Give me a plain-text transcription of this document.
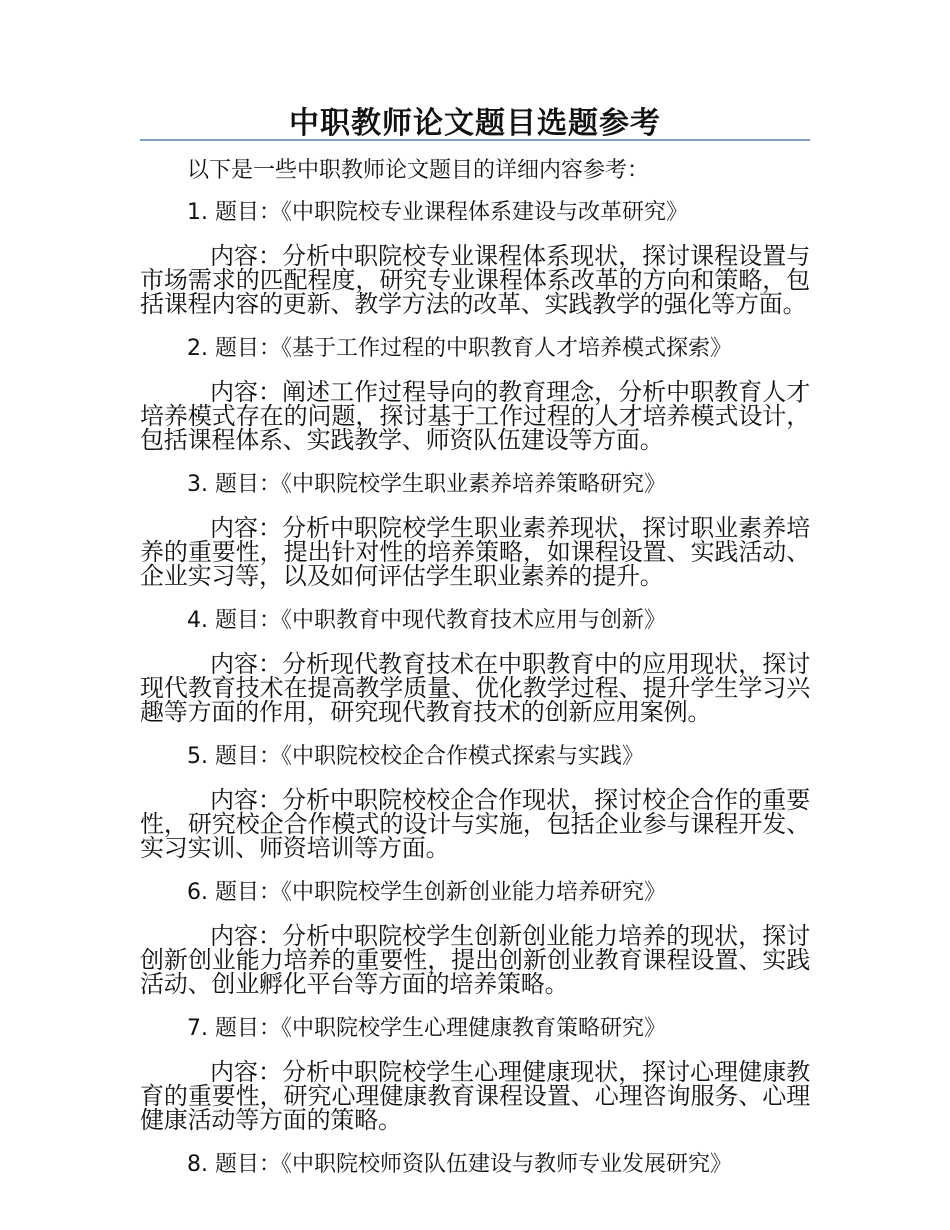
中职教师论文题目选题参考

以下是一些中职教师论文题目的详细内容参考：

1. 题目：《中职院校专业课程体系建设与改革研究》

内容：分析中职院校专业课程体系现状，探讨课程设置与市场需求的匹配程度，研究专业课程体系改革的方向和策略，包括课程内容的更新、教学方法的改革、实践教学的强化等方面。

2. 题目：《基于工作过程的中职教育人才培养模式探索》

内容：阐述工作过程导向的教育理念，分析中职教育人才培养模式存在的问题，探讨基于工作过程的人才培养模式设计，包括课程体系、实践教学、师资队伍建设等方面。

3. 题目：《中职院校学生职业素养培养策略研究》

内容：分析中职院校学生职业素养现状，探讨职业素养培养的重要性，提出针对性的培养策略，如课程设置、实践活动、企业实习等，以及如何评估学生职业素养的提升。

4. 题目：《中职教育中现代教育技术应用与创新》

内容：分析现代教育技术在中职教育中的应用现状，探讨现代教育技术在提高教学质量、优化教学过程、提升学生学习兴趣等方面的作用，研究现代教育技术的创新应用案例。

5. 题目：《中职院校校企合作模式探索与实践》

内容：分析中职院校校企合作现状，探讨校企合作的重要性，研究校企合作模式的设计与实施，包括企业参与课程开发、实习实训、师资培训等方面。

6. 题目：《中职院校学生创新创业能力培养研究》

内容：分析中职院校学生创新创业能力培养的现状，探讨创新创业能力培养的重要性，提出创新创业教育课程设置、实践活动、创业孵化平台等方面的培养策略。

7. 题目：《中职院校学生心理健康教育策略研究》

内容：分析中职院校学生心理健康现状，探讨心理健康教育的重要性，研究心理健康教育课程设置、心理咨询服务、心理健康活动等方面的策略。

8. 题目：《中职院校师资队伍建设与教师专业发展研究》
